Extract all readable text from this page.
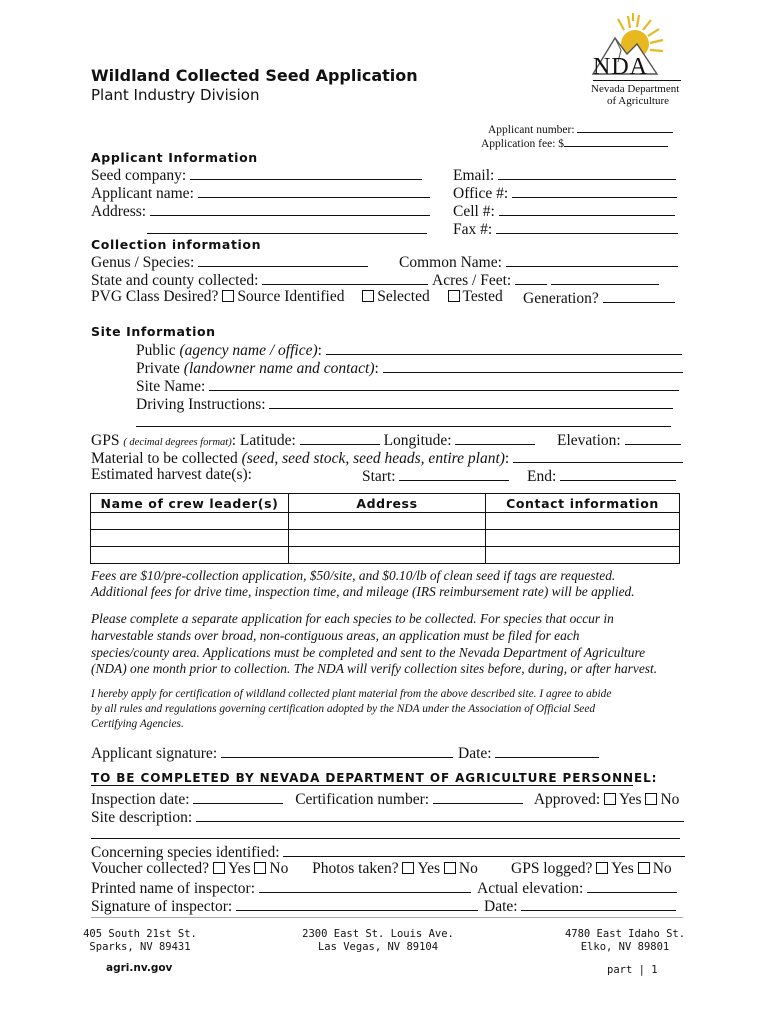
Wildland Collected Seed Application
Plant Industry Division
NDA
Nevada Department
of Agriculture
Applicant number:
Application fee: $
Applicant Information
Seed company:
Applicant name:
Address:
Email:
Office #:
Cell #:
Fax #:
Collection information
Genus / Species:	Common Name:
State and county collected:	Acres / Feet:
PVG Class Desired? Source Identified Selected Tested Generation?
Site Information
Public (agency name / office):
Private (landowner name and contact):
Site Name:
Driving Instructions:
GPS ( decimal degrees format): Latitude:	Longitude:	Elevation:
Material to be collected (seed, seed stock, seed heads, entire plant):
Estimated harvest date(s):	Start:	End:
Name of crew leader(s)	Address	Contact information

Fees are $10/pre-collection application, $50/site, and $0.10/lb of clean seed if tags are requested.
Additional fees for drive time, inspection time, and mileage (IRS reimbursement rate) will be applied.
Please complete a separate application for each species to be collected. For species that occur in
harvestable stands over broad, non-contiguous areas, an application must be filed for each
species/county area. Applications must be completed and sent to the Nevada Department of Agriculture
(NDA) one month prior to collection. The NDA will verify collection sites before, during, or after harvest.
I hereby apply for certification of wildland collected plant material from the above described site. I agree to abide
by all rules and regulations governing certification adopted by the NDA under the Association of Official Seed
Certifying Agencies.
Applicant signature:	Date:
TO BE COMPLETED BY NEVADA DEPARTMENT OF AGRICULTURE PERSONNEL:
Inspection date:	Certification number:	Approved: Yes No
Site description:
Concerning species identified:
Voucher collected? Yes No Photos taken? Yes No GPS logged? Yes No
Printed name of inspector:	Actual elevation:
Signature of inspector:	Date:
405 South 21st St.
Sparks, NV 89431
2300 East St. Louis Ave.
Las Vegas, NV 89104
4780 East Idaho St.
Elko, NV 89801
agri.nv.gov	part | 1
